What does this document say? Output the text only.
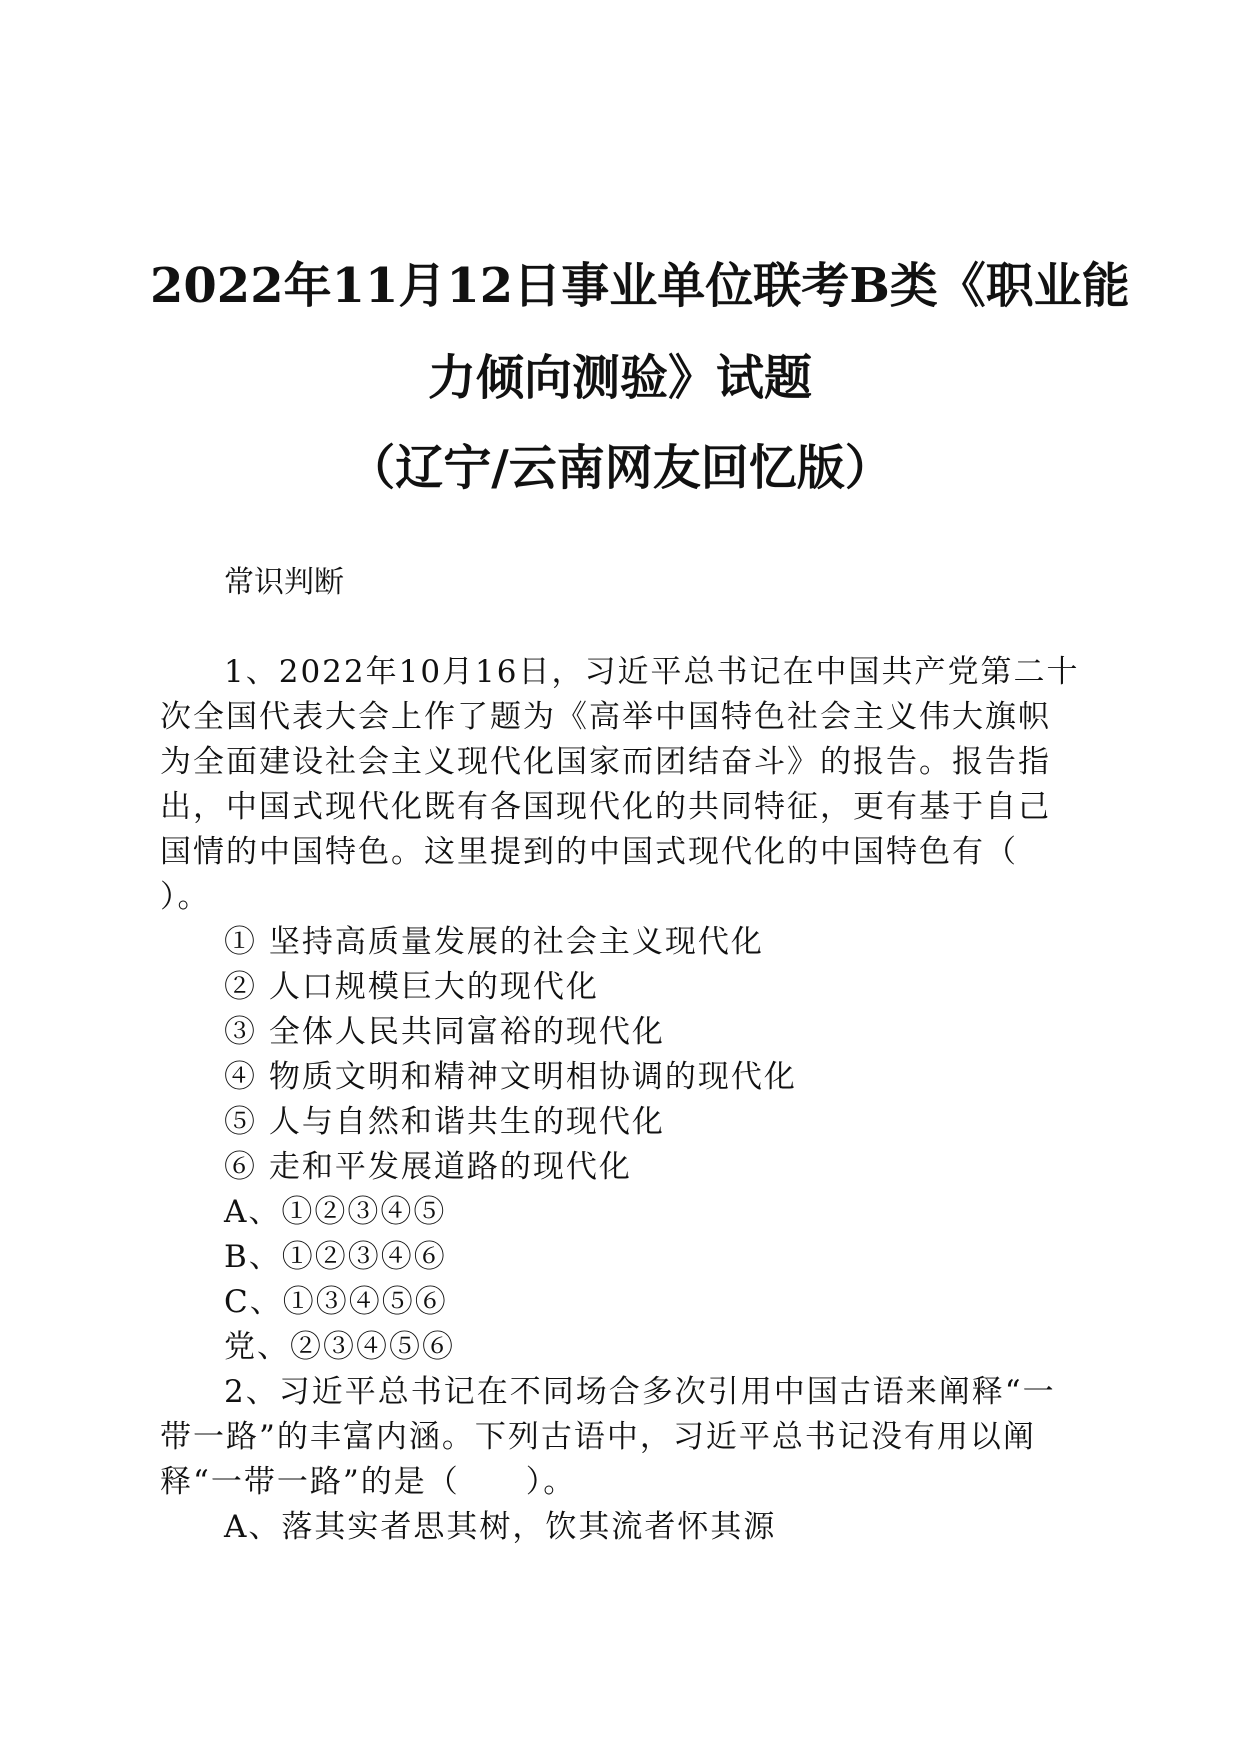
2022年11月12日事业单位联考B类《职业能
力倾向测验》试题
（辽宁/云南网友回忆版）
常识判断
1、2022年10月16日，习近平总书记在中国共产党第二十
次全国代表大会上作了题为《高举中国特色社会主义伟大旗帜
为全面建设社会主义现代化国家而团结奋斗》的报告。报告指
出，中国式现代化既有各国现代化的共同特征，更有基于自己
国情的中国特色。这里提到的中国式现代化的中国特色有（
）。
① 坚持高质量发展的社会主义现代化
② 人口规模巨大的现代化
③ 全体人民共同富裕的现代化
④ 物质文明和精神文明相协调的现代化
⑤ 人与自然和谐共生的现代化
⑥ 走和平发展道路的现代化
A、①②③④⑤
B、①②③④⑥
C、①③④⑤⑥
党、②③④⑤⑥
2、习近平总书记在不同场合多次引用中国古语来阐释“一
带一路”的丰富内涵。下列古语中，习近平总书记没有用以阐
释“一带一路”的是（　　）。
A、落其实者思其树，饮其流者怀其源
